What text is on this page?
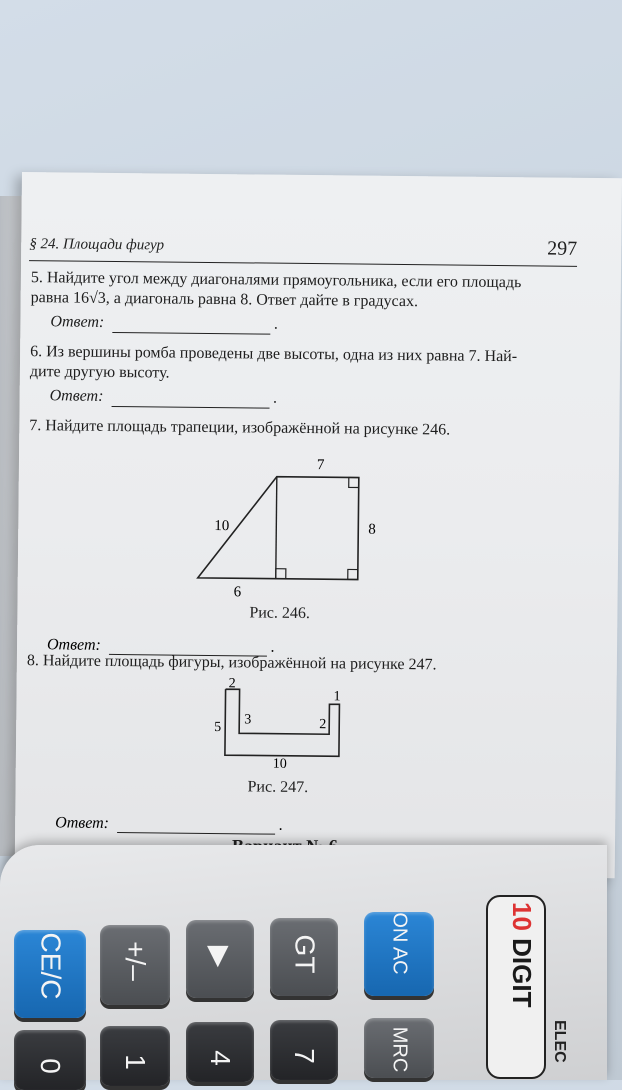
§ 24. Площади фигур	297
5. Найдите угол между диагоналями прямоугольника, если его площадь
равна 16√3, а диагональ равна 8. Ответ дайте в градусах.
Ответ:	.
6. Из вершины ромба проведены две высоты, одна из них равна 7. Най-
дите другую высоту.
Ответ:	.
7. Найдите площадь трапеции, изображённой на рисунке 246.
7
10	8
6
Рис. 246.
Ответ:	.
8. Найдите площадь фигуры, изображённой на рисунке 247.
2
1
5
3	2
10
Рис. 247.
Ответ:	.
CE/C	+/–	▶	GT	ON AC
0	1	4	7	MRC
10 DIGIT
ELEC
